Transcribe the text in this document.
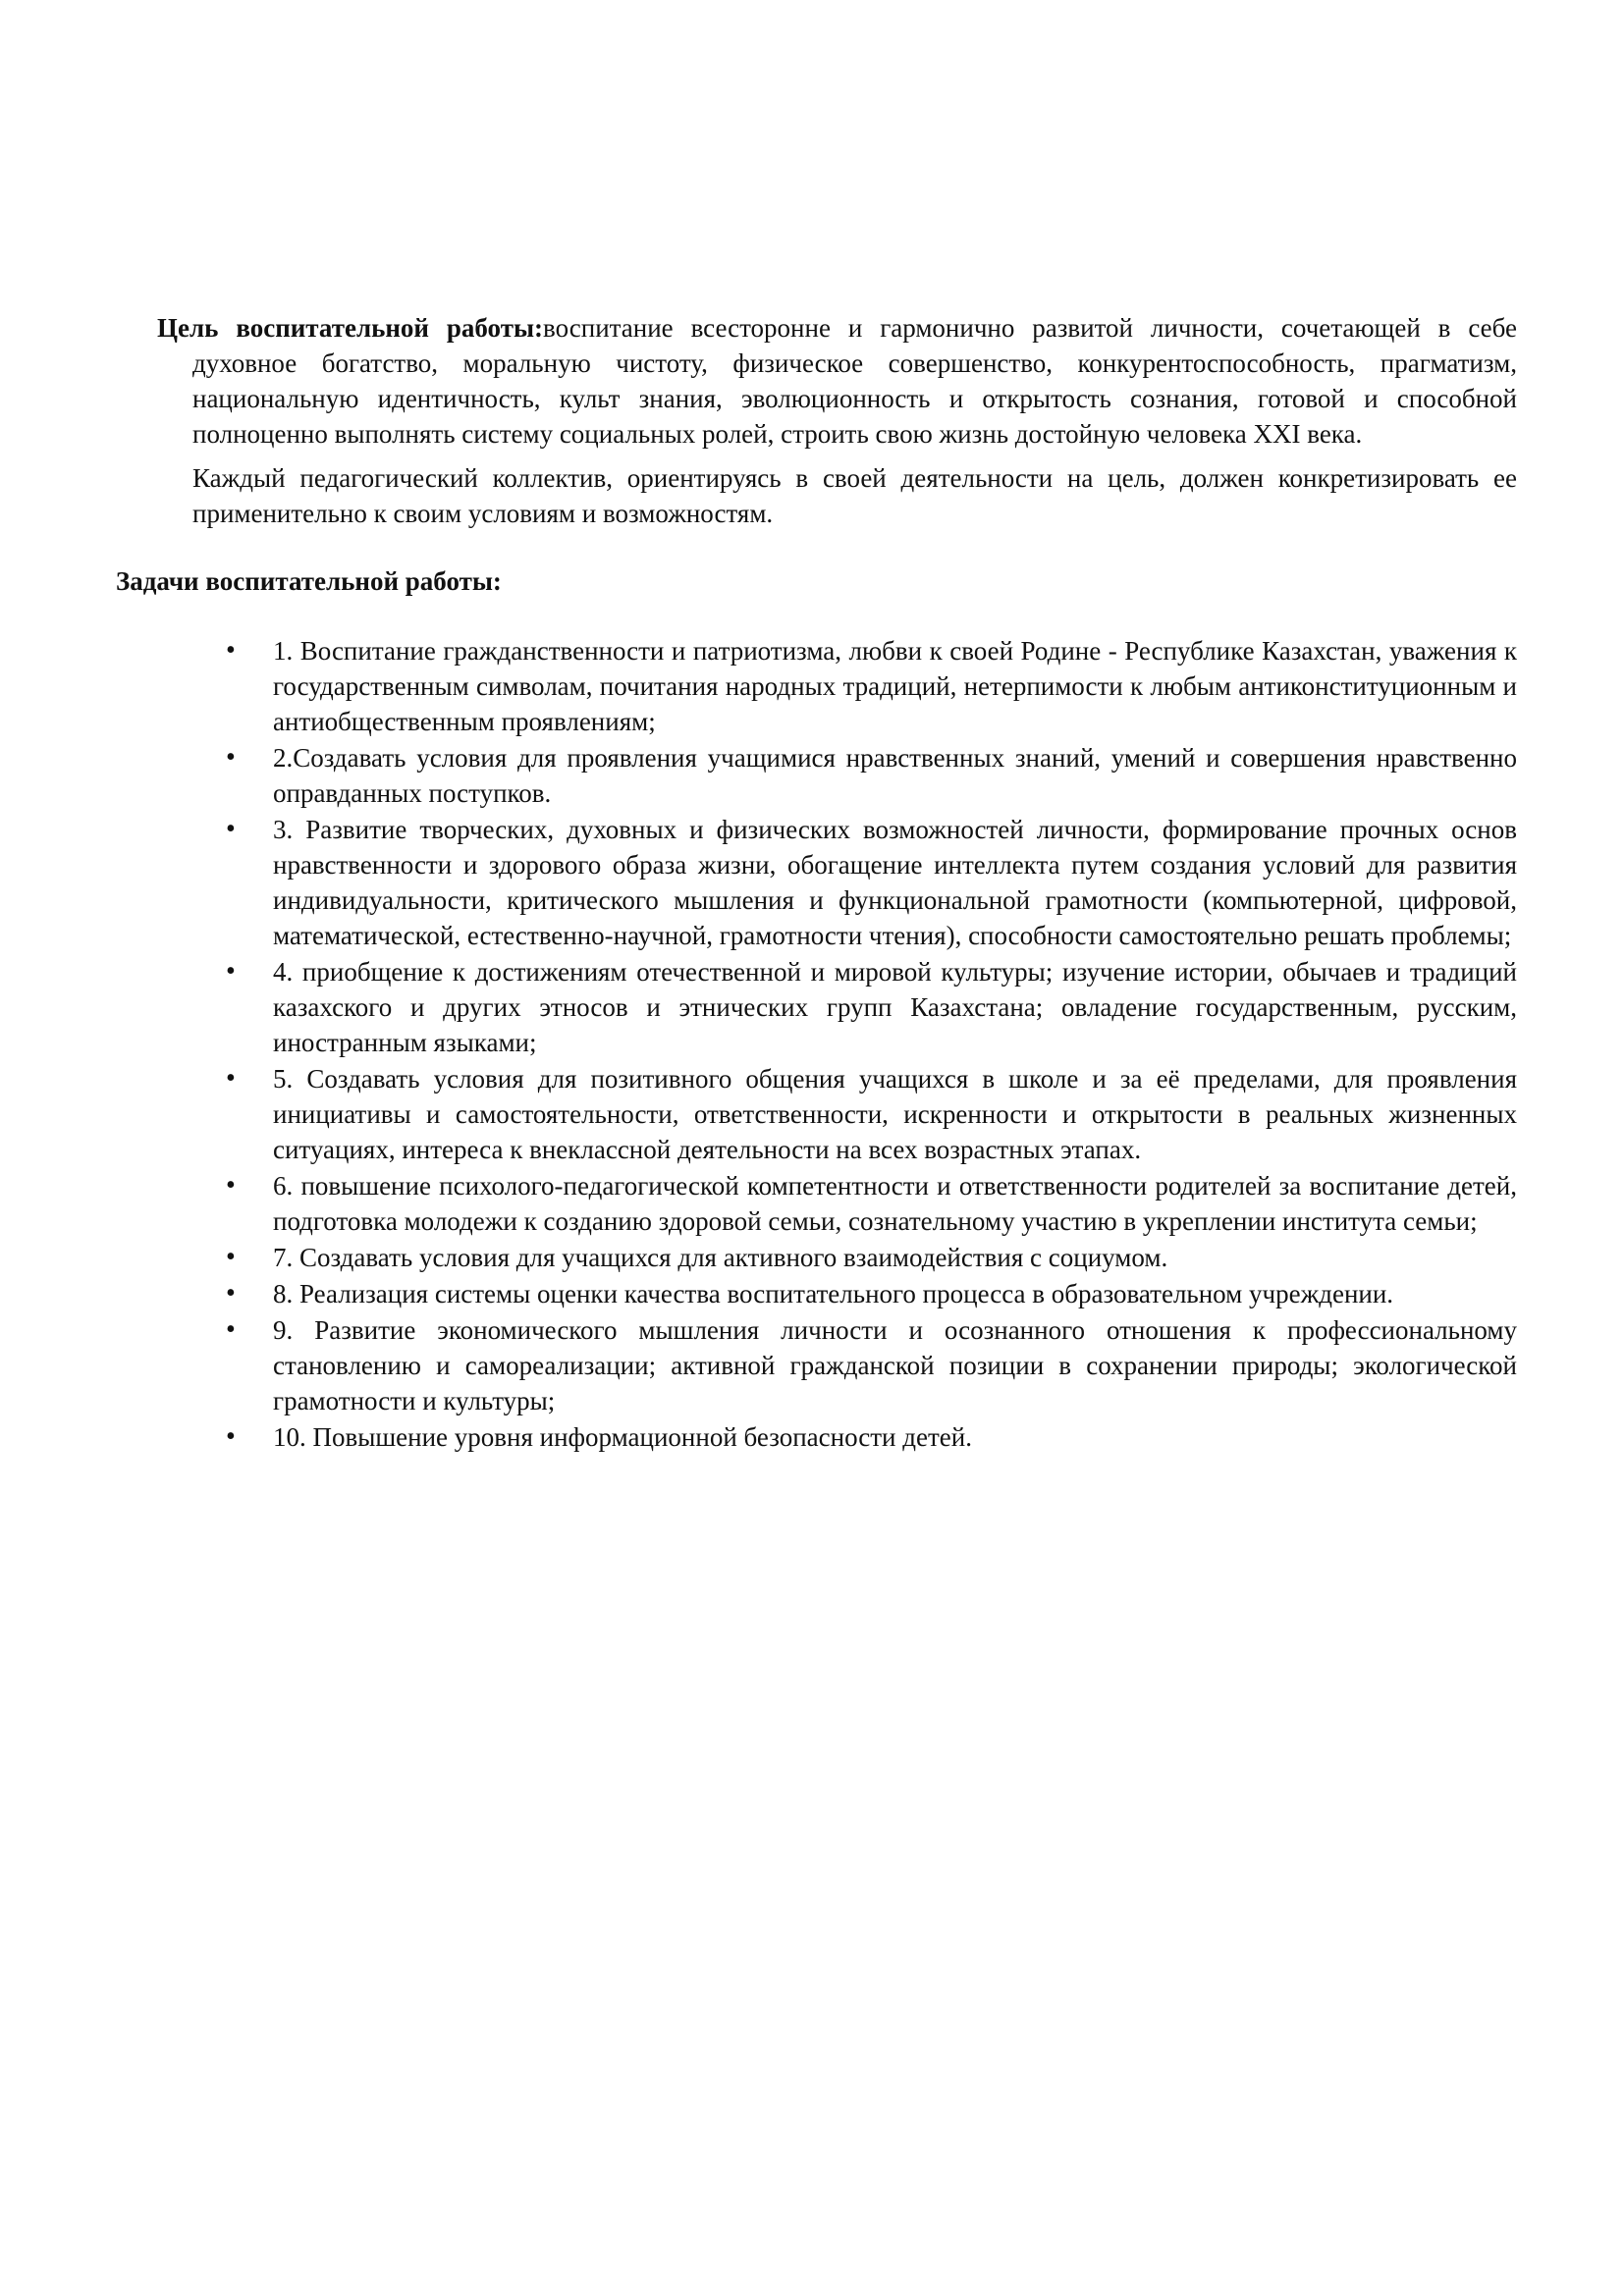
Цель воспитательной работы:воспитание всесторонне и гармонично развитой личности, сочетающей в себе духовное богатство, моральную чистоту, физическое совершенство, конкурентоспособность, прагматизм, национальную идентичность, культ знания, эволюционность и открытость сознания, готовой и способной полноценно выполнять систему социальных ролей, строить свою жизнь достойную человека XXI века.

Каждый педагогический коллектив, ориентируясь в своей деятельности на цель, должен конкретизировать ее применительно к своим условиям и возможностям.

Задачи воспитательной работы:
• 1. Воспитание гражданственности и патриотизма, любви к своей Родине - Республике Казахстан, уважения к государственным символам, почитания народных традиций, нетерпимости к любым антиконституционным и антиобщественным проявлениям;
• 2.Создавать условия для проявления учащимися нравственных знаний, умений и совершения нравственно оправданных поступков.
• 3. Развитие творческих, духовных и физических возможностей личности, формирование прочных основ нравственности и здорового образа жизни, обогащение интеллекта путем создания условий для развития индивидуальности, критического мышления и функциональной грамотности (компьютерной, цифровой, математической, естественно-научной, грамотности чтения), способности самостоятельно решать проблемы;
• 4. приобщение к достижениям отечественной и мировой культуры; изучение истории, обычаев и традиций казахского и других этносов и этнических групп Казахстана; овладение государственным, русским, иностранным языками;
• 5. Создавать условия для позитивного общения учащихся в школе и за её пределами, для проявления инициативы и самостоятельности, ответственности, искренности и открытости в реальных жизненных ситуациях, интереса к внеклассной деятельности на всех возрастных этапах.
• 6. повышение психолого-педагогической компетентности и ответственности родителей за воспитание детей, подготовка молодежи к созданию здоровой семьи, сознательному участию в укреплении института семьи;
• 7. Создавать условия для учащихся для активного взаимодействия с социумом.
• 8. Реализация системы оценки качества воспитательного процесса в образовательном учреждении.
• 9. Развитие экономического мышления личности и осознанного отношения к профессиональному становлению и самореализации; активной гражданской позиции в сохранении природы; экологической грамотности и культуры;
• 10. Повышение уровня информационной безопасности детей.
